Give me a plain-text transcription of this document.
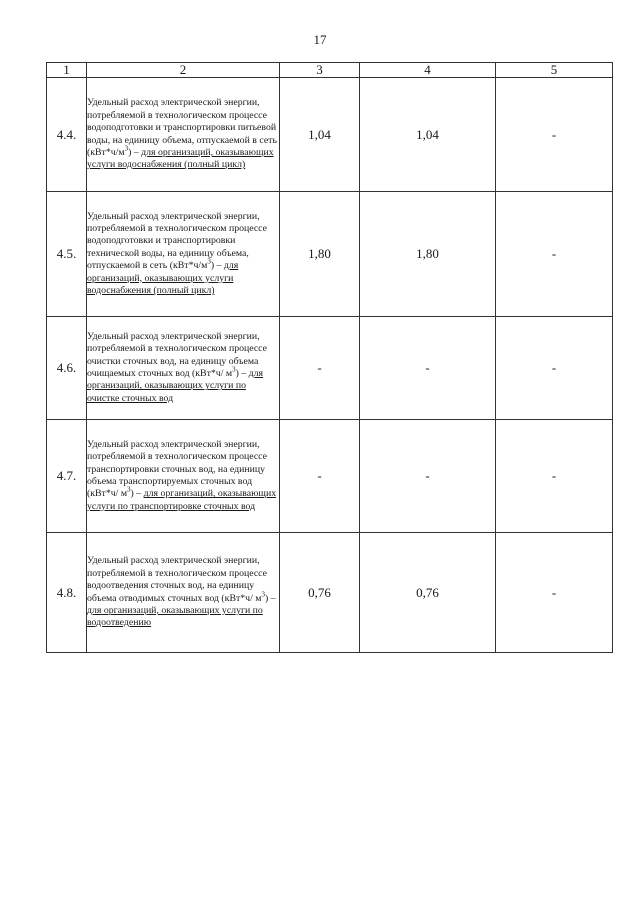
17
1	2	3	4	5
4.4.	Удельный расход электрической энергии, потребляемой в технологическом процессе водоподготовки и транспортировки питьевой воды, на единицу объема, отпускаемой в сеть $(кВт*ч/м^3)$ – для организаций, оказывающих услуги водоснабжения (полный цикл)	1,04	1,04	-
4.5.	Удельный расход электрической энергии, потребляемой в технологическом процессе водоподготовки и транспортировки технической воды, на единицу объема, отпускаемой в сеть $(кВт*ч/м^3)$ – для организаций, оказывающих услуги водоснабжения (полный цикл)	1,80	1,80	-
4.6.	Удельный расход электрической энергии, потребляемой в технологическом процессе очистки сточных вод, на единицу объема очищаемых сточных вод (кВт*ч/ $м^3$) – для организаций, оказывающих услуги по очистке сточных вод	-	-	-
4.7.	Удельный расход электрической энергии, потребляемой в технологическом процессе транспортировки сточных вод, на единицу объема транспортируемых сточных вод (кВт*ч/ $м^3$) – для организаций, оказывающих услуги по транспортировке сточных вод	-	-	-
4.8.	Удельный расход электрической энергии, потребляемой в технологическом процессе водоотведения сточных вод, на единицу объема отводимых сточных вод (кВт*ч/ $м^3$) – для организаций, оказывающих услуги по водоотведению	0,76	0,76	-
